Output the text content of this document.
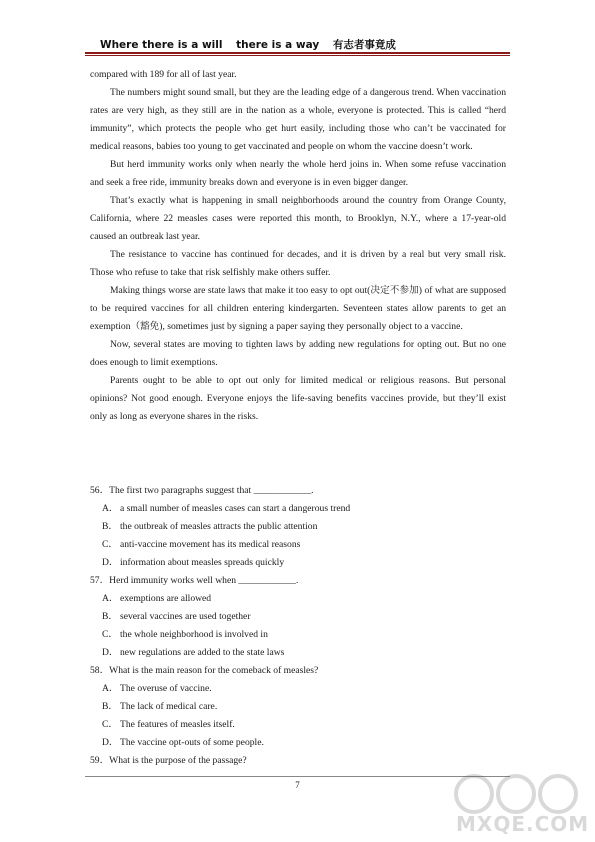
Where there is a will there is a way 有志者事竟成

compared with 189 for all of last year.

The numbers might sound small, but they are the leading edge of a dangerous trend. When vaccination rates are very high, as they still are in the nation as a whole, everyone is protected. This is called “herd immunity”, which protects the people who get hurt easily, including those who can’t be vaccinated for medical reasons, babies too young to get vaccinated and people on whom the vaccine doesn’t work.

But herd immunity works only when nearly the whole herd joins in. When some refuse vaccination and seek a free ride, immunity breaks down and everyone is in even bigger danger.

That’s exactly what is happening in small neighborhoods around the country from Orange County, California, where 22 measles cases were reported this month, to Brooklyn, N.Y., where a 17-year-old caused an outbreak last year.

The resistance to vaccine has continued for decades, and it is driven by a real but very small risk. Those who refuse to take that risk selfishly make others suffer.

Making things worse are state laws that make it too easy to opt out(决定不参加) of what are supposed to be required vaccines for all children entering kindergarten. Seventeen states allow parents to get an exemption（豁免), sometimes just by signing a paper saying they personally object to a vaccine.

Now, several states are moving to tighten laws by adding new regulations for opting out. But no one does enough to limit exemptions.

Parents ought to be able to opt out only for limited medical or religious reasons. But personal opinions? Not good enough. Everyone enjoys the life-saving benefits vaccines provide, but they’ll exist only as long as everyone shares in the risks.

56．The first two paragraphs suggest that ____________.

A．a small number of measles cases can start a dangerous trend

B． the outbreak of measles attracts the public attention

C． anti-vaccine movement has its medical reasons

D．information about measles spreads quickly

57．Herd immunity works well when ____________.

A．exemptions are allowed

B． several vaccines are used together

C． the whole neighborhood is involved in

D．new regulations are added to the state laws

58．What is the main reason for the comeback of measles?

A．The overuse of vaccine.

B． The lack of medical care.

C． The features of measles itself.

D．The vaccine opt-outs of some people.

59．What is the purpose of the passage?

7
MXQE.COM
